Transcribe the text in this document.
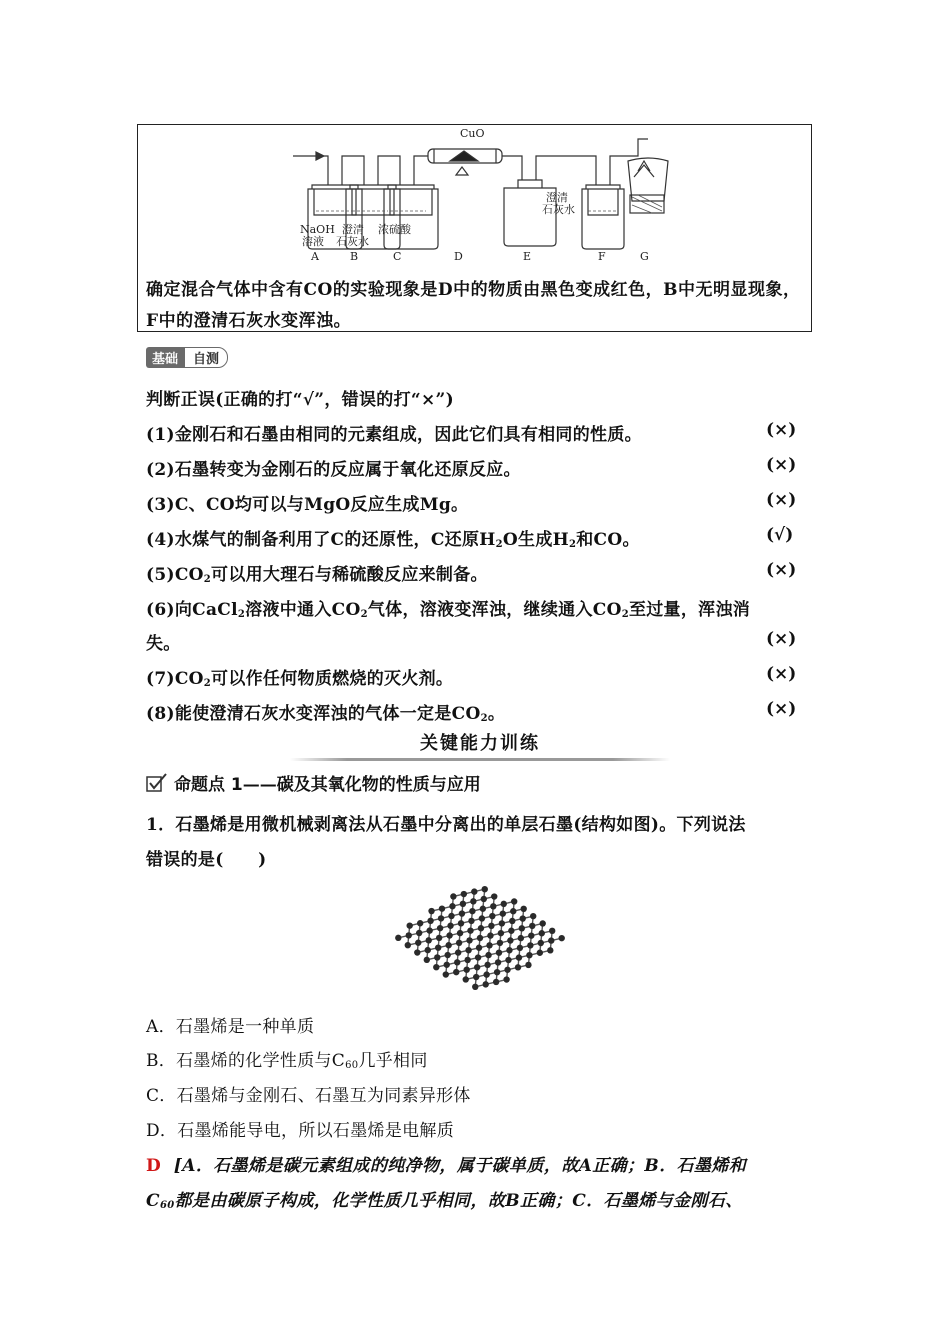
CuO
NaOH
溶液
澄清
石灰水
浓硫酸
澄清
石灰水
A	B	C	D	E	F	G
确定混合气体中含有CO的实验现象是D中的物质由黑色变成红色，B中无明显现象，F中的澄清石灰水变浑浊。
基础	自测
判断正误(正确的打“√”，错误的打“×”)
(1)金刚石和石墨由相同的元素组成，因此它们具有相同的性质。	(×)
(2)石墨转变为金刚石的反应属于氧化还原反应。	(×)
(3)C、CO均可以与MgO反应生成Mg。	(×)
(4)水煤气的制备利用了C的还原性，C还原$H_2O$生成$H_2$和CO。	(√)
$(5)CO_2$可以用大理石与稀硫酸反应来制备。	(×)
(6)向CaCl$_2$溶液中通入$CO_2$气体，溶液变浑浊，继续通入$CO_2$至过量，浑浊消
失。	(×)
$(7)CO_2$可以作任何物质燃烧的灭火剂。	(×)
(8)能使澄清石灰水变浑浊的气体一定是$CO_2$。	(×)
关键能力训练
命题点 1 ——碳及其氧化物的性质与应用
1．石墨烯是用微机械剥离法从石墨中分离出的单层石墨(结构如图)。下列说法
错误的是(　　)
A．石墨烯是一种单质
B．石墨烯的化学性质与$C_{60}$几乎相同
C．石墨烯与金刚石、石墨互为同素异形体
D．石墨烯能导电，所以石墨烯是电解质
D [A．石墨烯是碳元素组成的纯净物，属于碳单质，故A正确；B．石墨烯和
$C_{60}$都是由碳原子构成，化学性质几乎相同，故B正确；C．石墨烯与金刚石、
